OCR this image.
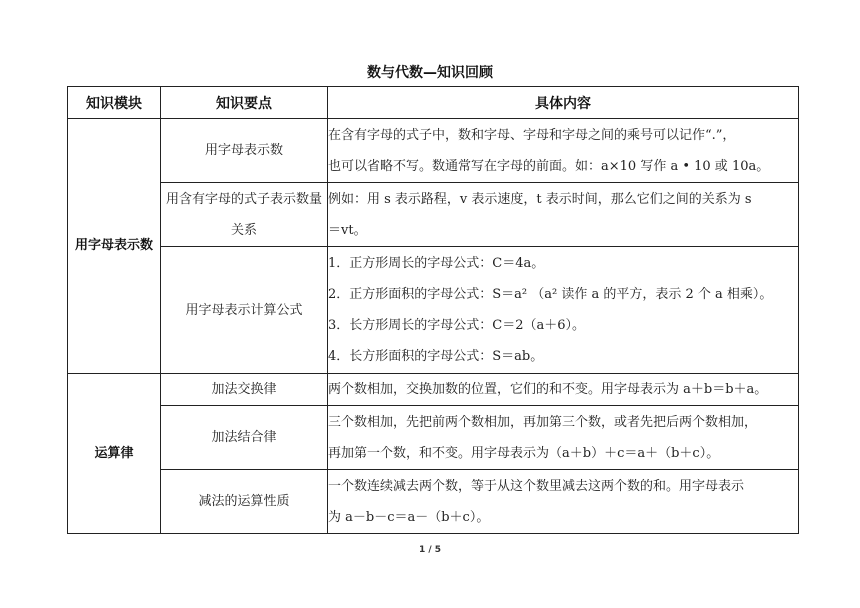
数与代数—知识回顾
知识模块	知识要点	具体内容
用字母表示数	用字母表示数	在含有字母的式子中，数和字母、字母和字母之间的乘号可以记作“.”，
也可以省略不写。数通常写在字母的前面。如：a×10 写作 a • 10 或 10a。

	用含有字母的式子表示数量关系	例如：用 s 表示路程，v 表示速度，t 表示时间，那么它们之间的关系为 s
＝vt。

	用字母表示计算公式	1．正方形周长的字母公式：C＝4a。
2．正方形面积的字母公式：S＝a² （a² 读作 a 的平方，表示 2 个 a 相乘）。
3．长方形周长的字母公式：C＝2（a＋6）。
4．长方形面积的字母公式：S＝ab。

运算律	加法交换律	两个数相加，交换加数的位置，它们的和不变。用字母表示为 a＋b＝b＋a。

	加法结合律	三个数相加，先把前两个数相加，再加第三个数，或者先把后两个数相加，
再加第一个数，和不变。用字母表示为（a＋b）＋c＝a＋（b＋c）。

	减法的运算性质	一个数连续减去两个数，等于从这个数里减去这两个数的和。用字母表示
为 a－b－c＝a－（b＋c）。
1 / 5
